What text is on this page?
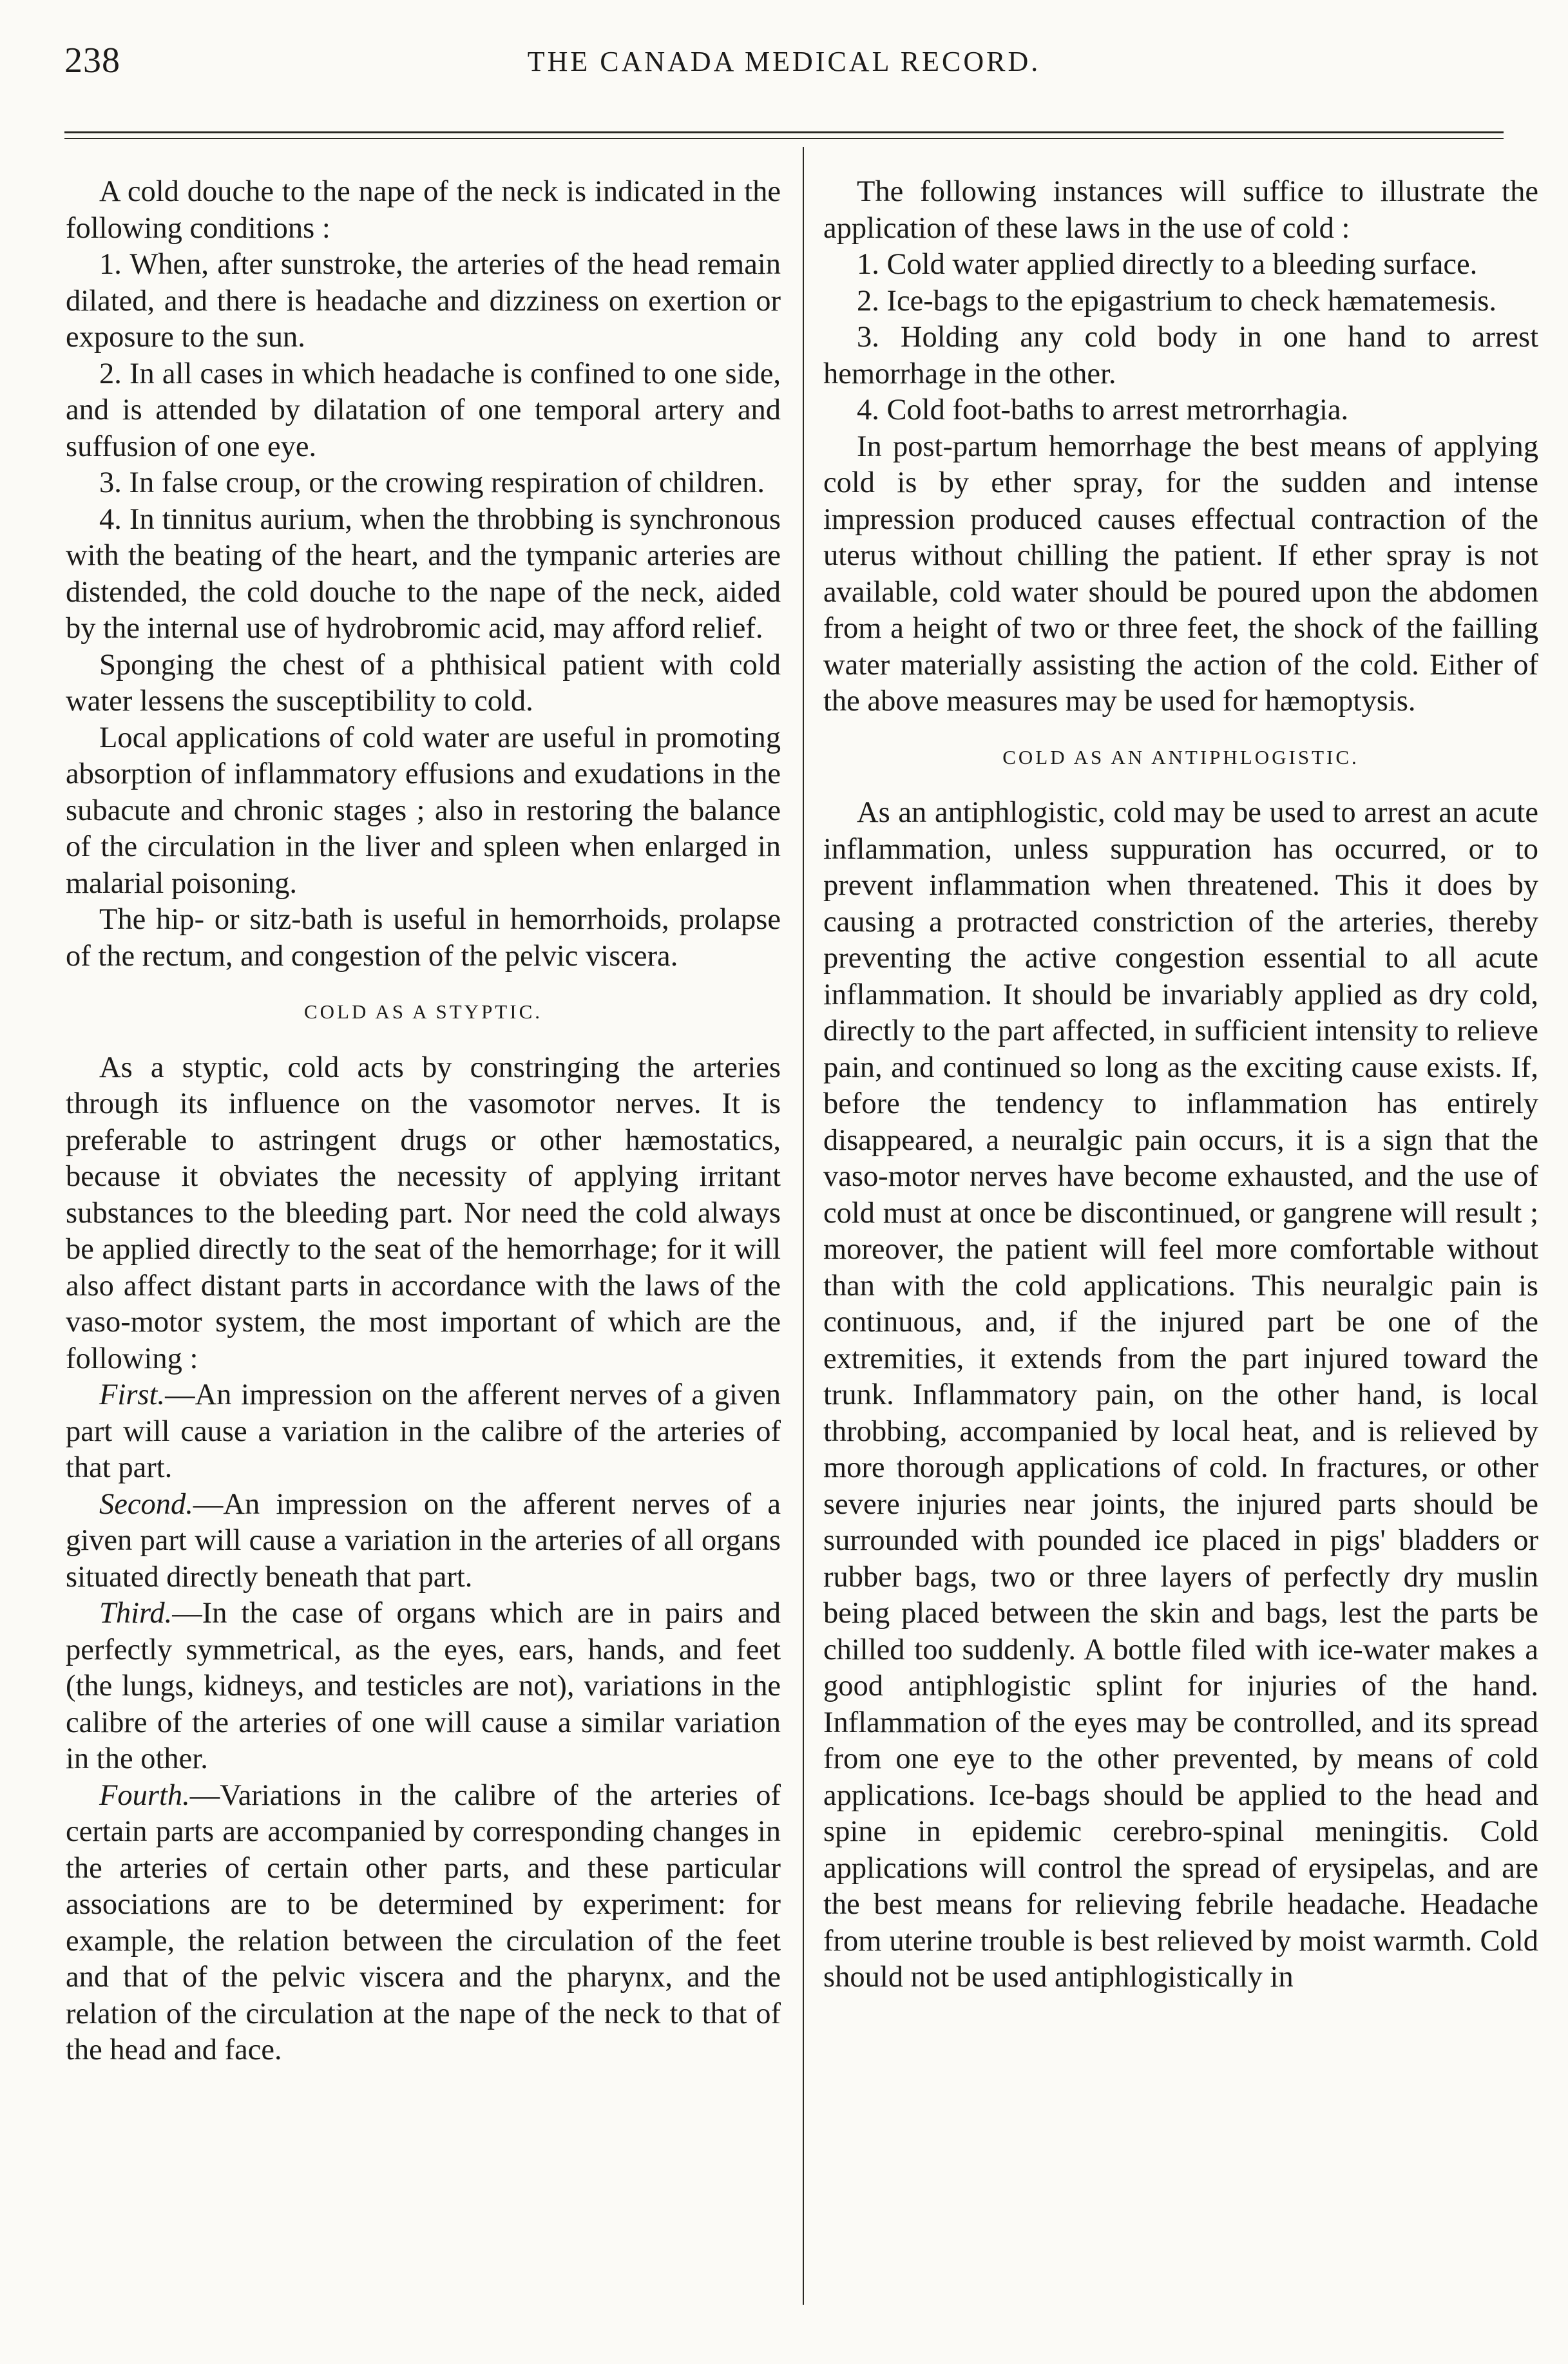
238	THE CANADA MEDICAL RECORD.

A cold douche to the nape of the neck is indicated in the following conditions :

1. When, after sunstroke, the arteries of the head remain dilated, and there is headache and dizziness on exertion or exposure to the sun.

2. In all cases in which headache is confined to one side, and is attended by dilatation of one temporal artery and suffusion of one eye.

3. In false croup, or the crowing respiration of children.

4. In tinnitus aurium, when the throbbing is synchronous with the beating of the heart, and the tympanic arteries are distended, the cold douche to the nape of the neck, aided by the internal use of hydrobromic acid, may afford relief.

Sponging the chest of a phthisical patient with cold water lessens the susceptibility to cold.

Local applications of cold water are useful in promoting absorption of inflammatory effusions and exudations in the subacute and chronic stages ; also in restoring the balance of the circulation in the liver and spleen when enlarged in malarial poisoning.

The hip- or sitz-bath is useful in hemorrhoids, prolapse of the rectum, and congestion of the pelvic viscera.

COLD AS A STYPTIC.

As a styptic, cold acts by constringing the arteries through its influence on the vasomotor nerves. It is preferable to astringent drugs or other hæmostatics, because it obviates the necessity of applying irritant substances to the bleeding part. Nor need the cold always be applied directly to the seat of the hemorrhage; for it will also affect distant parts in accordance with the laws of the vaso-motor system, the most important of which are the following :

First.—An impression on the afferent nerves of a given part will cause a variation in the calibre of the arteries of that part.

Second.—An impression on the afferent nerves of a given part will cause a variation in the arteries of all organs situated directly beneath that part.

Third.—In the case of organs which are in pairs and perfectly symmetrical, as the eyes, ears, hands, and feet (the lungs, kidneys, and testicles are not), variations in the calibre of the arteries of one will cause a similar variation in the other.

Fourth.—Variations in the calibre of the arteries of certain parts are accompanied by corresponding changes in the arteries of certain other parts, and these particular associations are to be determined by experiment: for example, the relation between the circulation of the feet and that of the pelvic viscera and the pharynx, and the relation of the circulation at the nape of the neck to that of the head and face.

The following instances will suffice to illustrate the application of these laws in the use of cold :

1. Cold water applied directly to a bleeding surface.

2. Ice-bags to the epigastrium to check hæmatemesis.

3. Holding any cold body in one hand to arrest hemorrhage in the other.

4. Cold foot-baths to arrest metrorrhagia.

In post-partum hemorrhage the best means of applying cold is by ether spray, for the sudden and intense impression produced causes effectual contraction of the uterus without chilling the patient. If ether spray is not available, cold water should be poured upon the abdomen from a height of two or three feet, the shock of the failling water materially assisting the action of the cold. Either of the above measures may be used for hæmoptysis.

COLD AS AN ANTIPHLOGISTIC.

As an antiphlogistic, cold may be used to arrest an acute inflammation, unless suppuration has occurred, or to prevent inflammation when threatened. This it does by causing a protracted constriction of the arteries, thereby preventing the active congestion essential to all acute inflammation. It should be invariably applied as dry cold, directly to the part affected, in sufficient intensity to relieve pain, and continued so long as the exciting cause exists. If, before the tendency to inflammation has entirely disappeared, a neuralgic pain occurs, it is a sign that the vaso-motor nerves have become exhausted, and the use of cold must at once be discontinued, or gangrene will result ; moreover, the patient will feel more comfortable without than with the cold applications. This neuralgic pain is continuous, and, if the injured part be one of the extremities, it extends from the part injured toward the trunk. Inflammatory pain, on the other hand, is local throbbing, accompanied by local heat, and is relieved by more thorough applications of cold. In fractures, or other severe injuries near joints, the injured parts should be surrounded with pounded ice placed in pigs' bladders or rubber bags, two or three layers of perfectly dry muslin being placed between the skin and bags, lest the parts be chilled too suddenly. A bottle filed with ice-water makes a good antiphlogistic splint for injuries of the hand. Inflammation of the eyes may be controlled, and its spread from one eye to the other prevented, by means of cold applications. Ice-bags should be applied to the head and spine in epidemic cerebro-spinal meningitis. Cold applications will control the spread of erysipelas, and are the best means for relieving febrile headache. Headache from uterine trouble is best relieved by moist warmth. Cold should not be used antiphlogistically in
